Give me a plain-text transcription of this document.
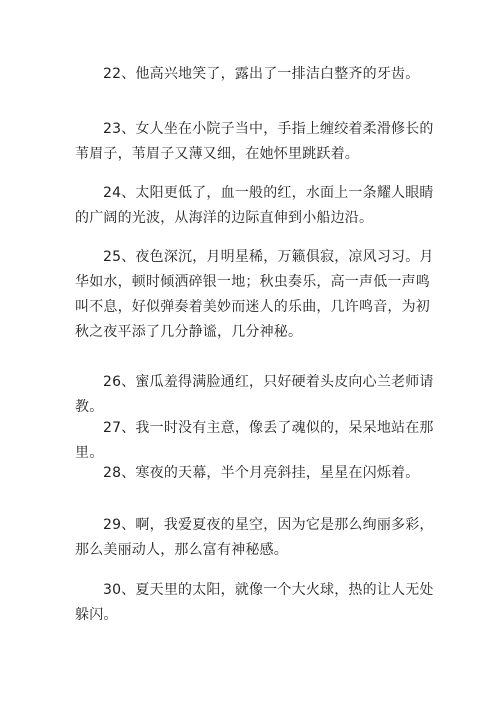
22、他高兴地笑了，露出了一排洁白整齐的牙齿。

23、女人坐在小院子当中，手指上缠绞着柔滑修长的苇眉子，苇眉子又薄又细，在她怀里跳跃着。

24、太阳更低了，血一般的红，水面上一条耀人眼睛的广阔的光波，从海洋的边际直伸到小船边沿。

25、夜色深沉，月明星稀，万籁俱寂，凉风习习。月华如水，顿时倾洒碎银一地；秋虫奏乐，高一声低一声鸣叫不息，好似弹奏着美妙而迷人的乐曲，几许鸣音，为初秋之夜平添了几分静谧，几分神秘。

26、蜜瓜羞得满脸通红，只好硬着头皮向心兰老师请教。

27、我一时没有主意，像丢了魂似的，呆呆地站在那里。

28、寒夜的天幕，半个月亮斜挂，星星在闪烁着。

29、啊，我爱夏夜的星空，因为它是那么绚丽多彩，那么美丽动人，那么富有神秘感。

30、夏天里的太阳，就像一个大火球，热的让人无处躲闪。
